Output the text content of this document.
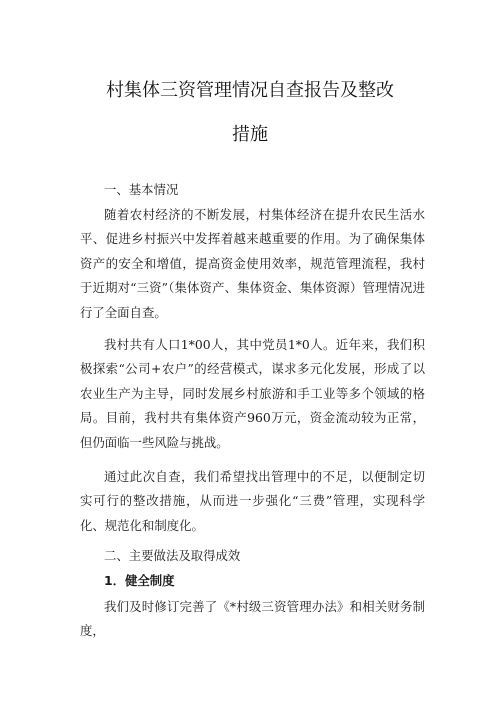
村集体三资管理情况自查报告及整改
措施

一、基本情况

随着农村经济的不断发展，村集体经济在提升农民生活水平、促进乡村振兴中发挥着越来越重要的作用。为了确保集体资产的安全和增值，提高资金使用效率，规范管理流程，我村于近期对“三资”（集体资产、集体资金、集体资源）管理情况进行了全面自查。

我村共有人口1*00人，其中党员1*0人。近年来，我们积极探索“公司+农户”的经营模式，谋求多元化发展，形成了以农业生产为主导，同时发展乡村旅游和手工业等多个领域的格局。目前，我村共有集体资产960万元，资金流动较为正常，但仍面临一些风险与挑战。

通过此次自查，我们希望找出管理中的不足，以便制定切实可行的整改措施，从而进一步强化“三费”管理，实现科学化、规范化和制度化。

二、主要做法及取得成效

1．健全制度

我们及时修订完善了《*村级三资管理办法》和相关财务制度，
